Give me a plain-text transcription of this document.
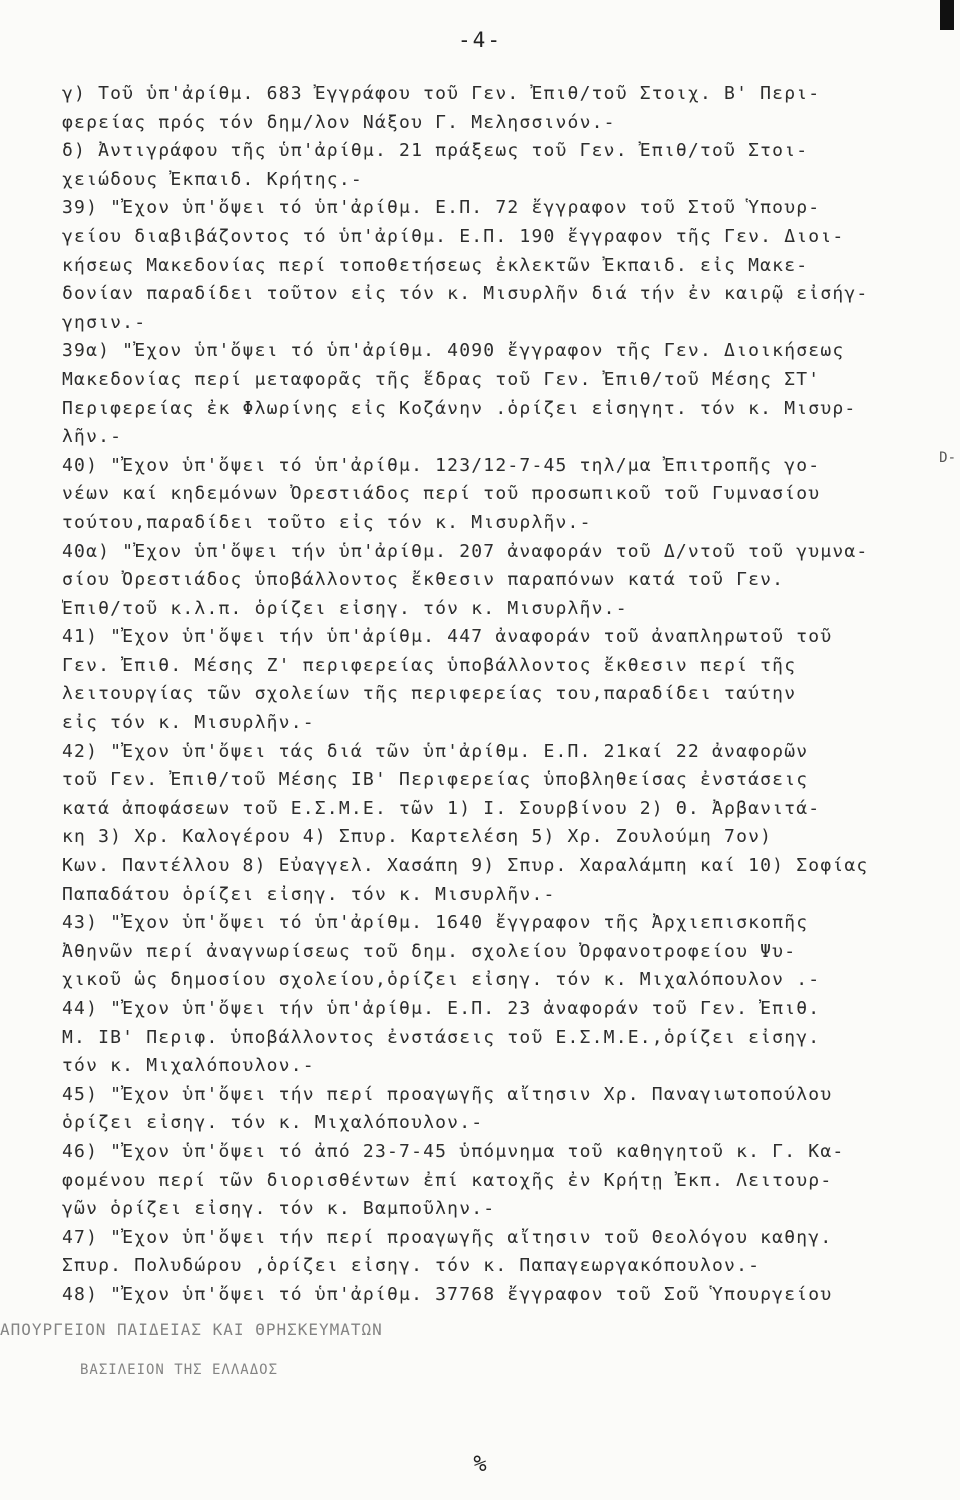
-4-
γ) Τοῦ ὑπ'ἀρίθμ. 683 Ἐγγράφου τοῦ Γεν. Ἐπιθ/τοῦ Στοιχ. Β' Περι-
φερείας πρός τόν δημ/λον Νάξου Γ. Μελησσινόν.-
δ) Ἀντιγράφου τῆς ὑπ'ἀρίθμ. 21 πράξεως τοῦ Γεν. Ἐπιθ/τοῦ Στοι-
χειώδους Ἐκπαιδ. Κρήτης.-
39) "Ἐχον ὑπ'ὄψει τό ὑπ'ἀρίθμ. Ε.Π. 72 ἔγγραφον τοῦ Στοῦ Ὑπουρ-
γείου διαβιβάζοντος τό ὑπ'ἀρίθμ. Ε.Π. 190 ἔγγραφον τῆς Γεν. Διοι-
κήσεως Μακεδονίας περί τοποθετήσεως ἐκλεκτῶν Ἐκπαιδ. εἰς Μακε-
δονίαν παραδίδει τοῦτον εἰς τόν κ. Μισυρλῆν διά τήν ἐν καιρῷ εἰσήγ-
γησιν.-
39α) "Ἐχον ὑπ'ὄψει τό ὑπ'ἀρίθμ. 4090 ἔγγραφον τῆς Γεν. Διοικήσεως
Μακεδονίας περί μεταφορᾶς τῆς ἕδρας τοῦ Γεν. Ἐπιθ/τοῦ Μέσης ΣΤ'
Περιφερείας ἐκ Φλωρίνης εἰς Κοζάνην .ὁρίζει εἰσηγητ. τόν κ. Μισυρ-
λῆν.-
40) "Ἐχον ὑπ'ὄψει τό ὑπ'ἀρίθμ. 123/12-7-45 τηλ/μα Ἐπιτροπῆς γο-
νέων καί κηδεμόνων Ὀρεστιάδος περί τοῦ προσωπικοῦ τοῦ Γυμνασίου
τούτου,παραδίδει τοῦτο εἰς τόν κ. Μισυρλῆν.-
40α) "Ἐχον ὑπ'ὄψει τήν ὑπ'ἀρίθμ. 207 ἀναφοράν τοῦ Δ/ντοῦ τοῦ γυμνα-
σίου Ὀρεστιάδος ὑποβάλλοντος ἔκθεσιν παραπόνων κατά τοῦ Γεν.
Ἐπιθ/τοῦ κ.λ.π. ὁρίζει εἰσηγ. τόν κ. Μισυρλῆν.-
41) "Ἐχον ὑπ'ὄψει τήν ὑπ'ἀρίθμ. 447 ἀναφοράν τοῦ ἀναπληρωτοῦ τοῦ
Γεν. Ἐπιθ. Μέσης Ζ' περιφερείας ὑποβάλλοντος ἔκθεσιν περί τῆς
λειτουργίας τῶν σχολείων τῆς περιφερείας του,παραδίδει ταύτην
εἰς τόν κ. Μισυρλῆν.-
42) "Ἐχον ὑπ'ὄψει τάς διά τῶν ὑπ'ἀρίθμ. Ε.Π. 21καί 22 ἀναφορῶν
τοῦ Γεν. Ἐπιθ/τοῦ Μέσης ΙΒ' Περιφερείας ὑποβληθείσας ἐνστάσεις
κατά ἀποφάσεων τοῦ Ε.Σ.Μ.Ε. τῶν 1) Ι. Σουρβίνου 2) Θ. Ἀρβανιτά-
κη 3) Χρ. Καλογέρου 4) Σπυρ. Καρτελέση 5) Χρ. Ζουλούμη 7ον)
Κων. Παντέλλου 8) Εὐαγγελ. Χασάπη 9) Σπυρ. Χαραλάμπη καί 10) Σοφίας
Παπαδάτου ὁρίζει εἰσηγ. τόν κ. Μισυρλῆν.-
43) "Ἐχον ὑπ'ὄψει τό ὑπ'ἀρίθμ. 1640 ἔγγραφον τῆς Ἀρχιεπισκοπῆς
Ἀθηνῶν περί ἀναγνωρίσεως τοῦ δημ. σχολείου Ὀρφανοτροφείου Ψυ-
χικοῦ ὡς δημοσίου σχολείου,ὁρίζει εἰσηγ. τόν κ. Μιχαλόπουλον .-
44) "Ἐχον ὑπ'ὄψει τήν ὑπ'ἀρίθμ. Ε.Π. 23 ἀναφοράν τοῦ Γεν. Ἐπιθ.
Μ. ΙΒ' Περιφ. ὑποβάλλοντος ἐνστάσεις τοῦ Ε.Σ.Μ.Ε.,ὁρίζει εἰσηγ.
τόν κ. Μιχαλόπουλον.-
45) "Ἐχον ὑπ'ὄψει τήν περί προαγωγῆς αἴτησιν Χρ. Παναγιωτοπούλου
ὁρίζει εἰσηγ. τόν κ. Μιχαλόπουλον.-
46) "Ἐχον ὑπ'ὄψει τό ἀπό 23-7-45 ὑπόμνημα τοῦ καθηγητοῦ κ. Γ. Κα-
φομένου περί τῶν διορισθέντων ἐπί κατοχῆς ἐν Κρήτῃ Ἐκπ. Λειτουρ-
γῶν ὁρίζει εἰσηγ. τόν κ. Βαμποῦλην.-
47) "Ἐχον ὑπ'ὄψει τήν περί προαγωγῆς αἴτησιν τοῦ Θεολόγου καθηγ.
Σπυρ. Πολυδώρου ,ὁρίζει εἰσηγ. τόν κ. Παπαγεωργακόπουλον.-
48) "Ἐχον ὑπ'ὄψει τό ὑπ'ἀρίθμ. 37768 ἔγγραφον τοῦ Σοῦ Ὑπουργείου
ΑΠΟΥΡΓΕΙΟΝ ΠΑΙΔΕΙΑΣ ΚΑΙ ΘΡΗΣΚΕΥΜΑΤΩΝ
ΒΑΣΙΛΕΙΟΝ ΤΗΣ ΕΛΛΑΔΟΣ
D-
%
